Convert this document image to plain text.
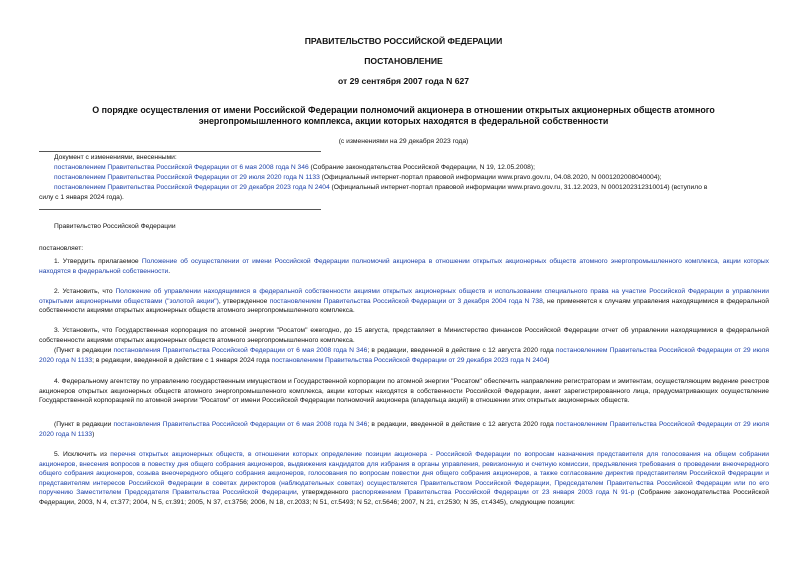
ПРАВИТЕЛЬСТВО РОССИЙСКОЙ ФЕДЕРАЦИИ
ПОСТАНОВЛЕНИЕ
от 29 сентября 2007 года N 627
О порядке осуществления от имени Российской Федерации полномочий акционера в отношении открытых акционерных обществ атомного энергопромышленного комплекса, акции которых находятся в федеральной собственности
(с изменениями на 29 декабря 2023 года)
Документ с изменениями, внесенными:
постановлением Правительства Российской Федерации от 6 мая 2008 года N 346 (Собрание законодательства Российской Федерации, N 19, 12.05.2008);
постановлением Правительства Российской Федерации от 29 июля 2020 года N 1133 (Официальный интернет-портал правовой информации www.pravo.gov.ru, 04.08.2020, N 0001202008040004);
постановлением Правительства Российской Федерации от 29 декабря 2023 года N 2404 (Официальный интернет-портал правовой информации www.pravo.gov.ru, 31.12.2023, N 0001202312310014) (вступило в
силу с 1 января 2024 года).
Правительство Российской Федерации
постановляет:
1. Утвердить прилагаемое Положение об осуществлении от имени Российской Федерации полномочий акционера в отношении открытых акционерных обществ атомного энергопромышленного комплекса, акции которых находятся в федеральной собственности.
2. Установить, что Положение об управлении находящимися в федеральной собственности акциями открытых акционерных обществ и использовании специального права на участие Российской Федерации в управлении открытыми акционерными обществами ("золотой акции"), утвержденное постановлением Правительства Российской Федерации от 3 декабря 2004 года N 738, не применяется к случаям управления находящимися в федеральной собственности акциями открытых акционерных обществ атомного энергопромышленного комплекса.
3. Установить, что Государственная корпорация по атомной энергии "Росатом" ежегодно, до 15 августа, представляет в Министерство финансов Российской Федерации отчет об управлении находящимися в федеральной собственности акциями открытых акционерных обществ атомного энергопромышленного комплекса.
(Пункт в редакции постановления Правительства Российской Федерации от 6 мая 2008 года N 346; в редакции, введенной в действие с 12 августа 2020 года постановлением Правительства Российской Федерации от 29 июля 2020 года N 1133; в редакции, введенной в действие с 1 января 2024 года постановлением Правительства Российской Федерации от 29 декабря 2023 года N 2404)
4. Федеральному агентству по управлению государственным имуществом и Государственной корпорации по атомной энергии "Росатом" обеспечить направление регистраторам и эмитентам, осуществляющим ведение реестров акционеров открытых акционерных обществ атомного энергопромышленного комплекса, акции которых находятся в собственности Российской Федерации, анкет зарегистрированного лица, предусматривающих осуществление Государственной корпорацией по атомной энергии "Росатом" от имени Российской Федерации полномочий акционера (владельца акций) в отношении этих открытых акционерных обществ.
(Пункт в редакции постановления Правительства Российской Федерации от 6 мая 2008 года N 346; в редакции, введенной в действие с 12 августа 2020 года постановлением Правительства Российской Федерации от 29 июля 2020 года N 1133)
5. Исключить из перечня открытых акционерных обществ, в отношении которых определение позиции акционера - Российской Федерации по вопросам назначения представителя для голосования на общем собрании акционеров, внесения вопросов в повестку дня общего собрания акционеров, выдвижения кандидатов для избрания в органы управления, ревизионную и счетную комиссии, предъявления требования о проведении внеочередного общего собрания акционеров, созыва внеочередного общего собрания акционеров, голосования по вопросам повестки дня общего собрания акционеров, а также согласование директив представителям Российской Федерации и представителям интересов Российской Федерации в советах директоров (наблюдательных советах) осуществляется Правительством Российской Федерации, Председателем Правительства Российской Федерации или по его поручению Заместителем Председателя Правительства Российской Федерации, утвержденного распоряжением Правительства Российской Федерации от 23 января 2003 года N 91-р (Собрание законодательства Российской Федерации, 2003, N 4, ст.377; 2004, N 5, ст.391; 2005, N 37, ст.3756; 2006, N 18, ст.2033; N 51, ст.5493; N 52, ст.5646; 2007, N 21, ст.2530; N 35, ст.4345), следующие позиции:
